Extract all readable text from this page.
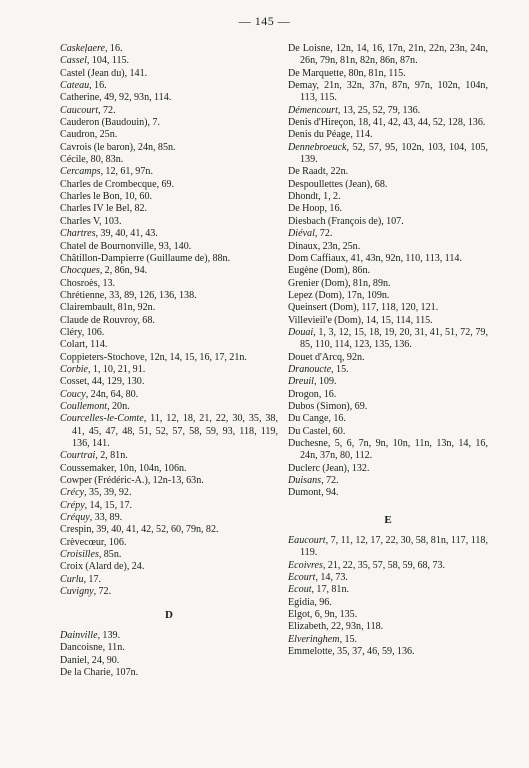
— 145 —

Caskeļaere, 16.

Cassel, 104, 115.

Castel (Jean du), 141.

Cateau, 16.

Catherine, 49, 92, 93n, 114.

Caucourt, 72.

Cauderon (Baudouin), 7.

Caudron, 25n.

Cavrois (le baron), 24n, 85n.

Cécile, 80, 83n.

Cercamps, 12, 61, 97n.

Charles de Crombecque, 69.

Charles le Bon, 10, 60.

Charles IV le Bel, 82.

Charles V, 103.

Chartres, 39, 40, 41, 43.

Chatel de Bournonville, 93, 140.

Châtillon-Dampierre (Guillaume de), 88n.

Chocques, 2, 86n, 94.

Chosroès, 13.

Chrétienne, 33, 89, 126, 136, 138.

Clairembault, 81n, 92n.

Claude de Rouvroy, 68.

Cléry, 106.

Colart, 114.

Coppieters-Stochove, 12n, 14, 15, 16, 17, 21n.

Corbie, 1, 10, 21, 91.

Cosset, 44, 129, 130.

Coucy, 24n, 64, 80.

Coullemont, 20n.

Courcelles-le-Comte, 11, 12, 18, 21, 22, 30, 35, 38, 41, 45, 47, 48, 51, 52, 57, 58, 59, 93, 118, 119, 136, 141.

Courtrai, 2, 81n.

Coussemaker, 10n, 104n, 106n.

Cowper (Frédéric-A.), 12n-13, 63n.

Crécy, 35, 39, 92.

Crépy, 14, 15, 17.

Créquy, 33, 89.

Crespin, 39, 40, 41, 42, 52, 60, 79n, 82.

Crèvecœur, 106.

Croisilles, 85n.

Croix (Alard de), 24.

Curlu, 17.

Cuvigny, 72.

D

Dainville, 139.

Dancoisne, 11n.

Daniel, 24, 90.

De la Charie, 107n.

De Loisne, 12n, 14, 16, 17n, 21n, 22n, 23n, 24n, 26n, 79n, 81n, 82n, 86n, 87n.

De Marquette, 80n, 81n, 115.

Demay, 21n, 32n, 37n, 87n, 97n, 102n, 104n, 113, 115.

Démencourt, 13, 25, 52, 79, 136.

Denis d'Hireçon, 18, 41, 42, 43, 44, 52, 128, 136.

Denis du Péage, 114.

Dennebroeuck, 52, 57, 95, 102n, 103, 104, 105, 139.

De Raadt, 22n.

Despoullettes (Jean), 68.

Dhondt, 1, 2.

De Hoop, 16.

Diesbach (François de), 107.

Diéval, 72.

Dinaux, 23n, 25n.

Dom Caffiaux, 41, 43n, 92n, 110, 113, 114.

Eugène (Dom), 86n.

Grenier (Dom), 81n, 89n.

Lepez (Dom), 17n, 109n.

Queinsert (Dom), 117, 118, 120, 121.

Villevieil'e (Dom), 14, 15, 114, 115.

Douai, 1, 3, 12, 15, 18, 19, 20, 31, 41, 51, 72, 79, 85, 110, 114, 123, 135, 136.

Douet d'Arcq, 92n.

Dranoucte, 15.

Dreuil, 109.

Drogon, 16.

Dubos (Simon), 69.

Du Cange, 16.

Du Castel, 60.

Duchesne, 5, 6, 7n, 9n, 10n, 11n, 13n, 14, 16, 24n, 37n, 80, 112.

Duclerc (Jean), 132.

Duisans, 72.

Dumont, 94.

E

Eaucourt, 7, 11, 12, 17, 22, 30, 58, 81n, 117, 118, 119.

Ecoivres, 21, 22, 35, 57, 58, 59, 68, 73.

Ecourt, 14, 73.

Ecout, 17, 81n.

Egidia, 96.

Elgot, 6, 9n, 135.

Elizabeth, 22, 93n, 118.

Elveringhem, 15.

Emmelotte, 35, 37, 46, 59, 136.
